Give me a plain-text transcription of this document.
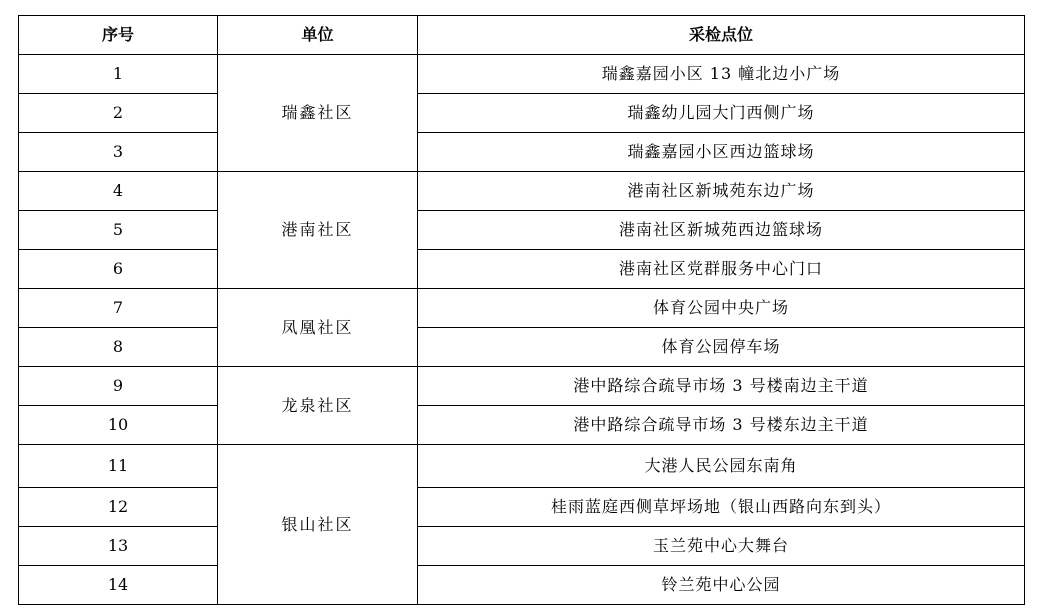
序号	单位	采检点位
1	瑞鑫社区	瑞鑫嘉园小区 13 幢北边小广场
2		瑞鑫幼儿园大门西侧广场
3		瑞鑫嘉园小区西边篮球场
4	港南社区	港南社区新城苑东边广场
5		港南社区新城苑西边篮球场
6		港南社区党群服务中心门口
7	凤凰社区	体育公园中央广场
8		体育公园停车场
9	龙泉社区	港中路综合疏导市场 3 号楼南边主干道
10		港中路综合疏导市场 3 号楼东边主干道
11	银山社区	大港人民公园东南角
12		桂雨蓝庭西侧草坪场地（银山西路向东到头）
13		玉兰苑中心大舞台
14		铃兰苑中心公园
